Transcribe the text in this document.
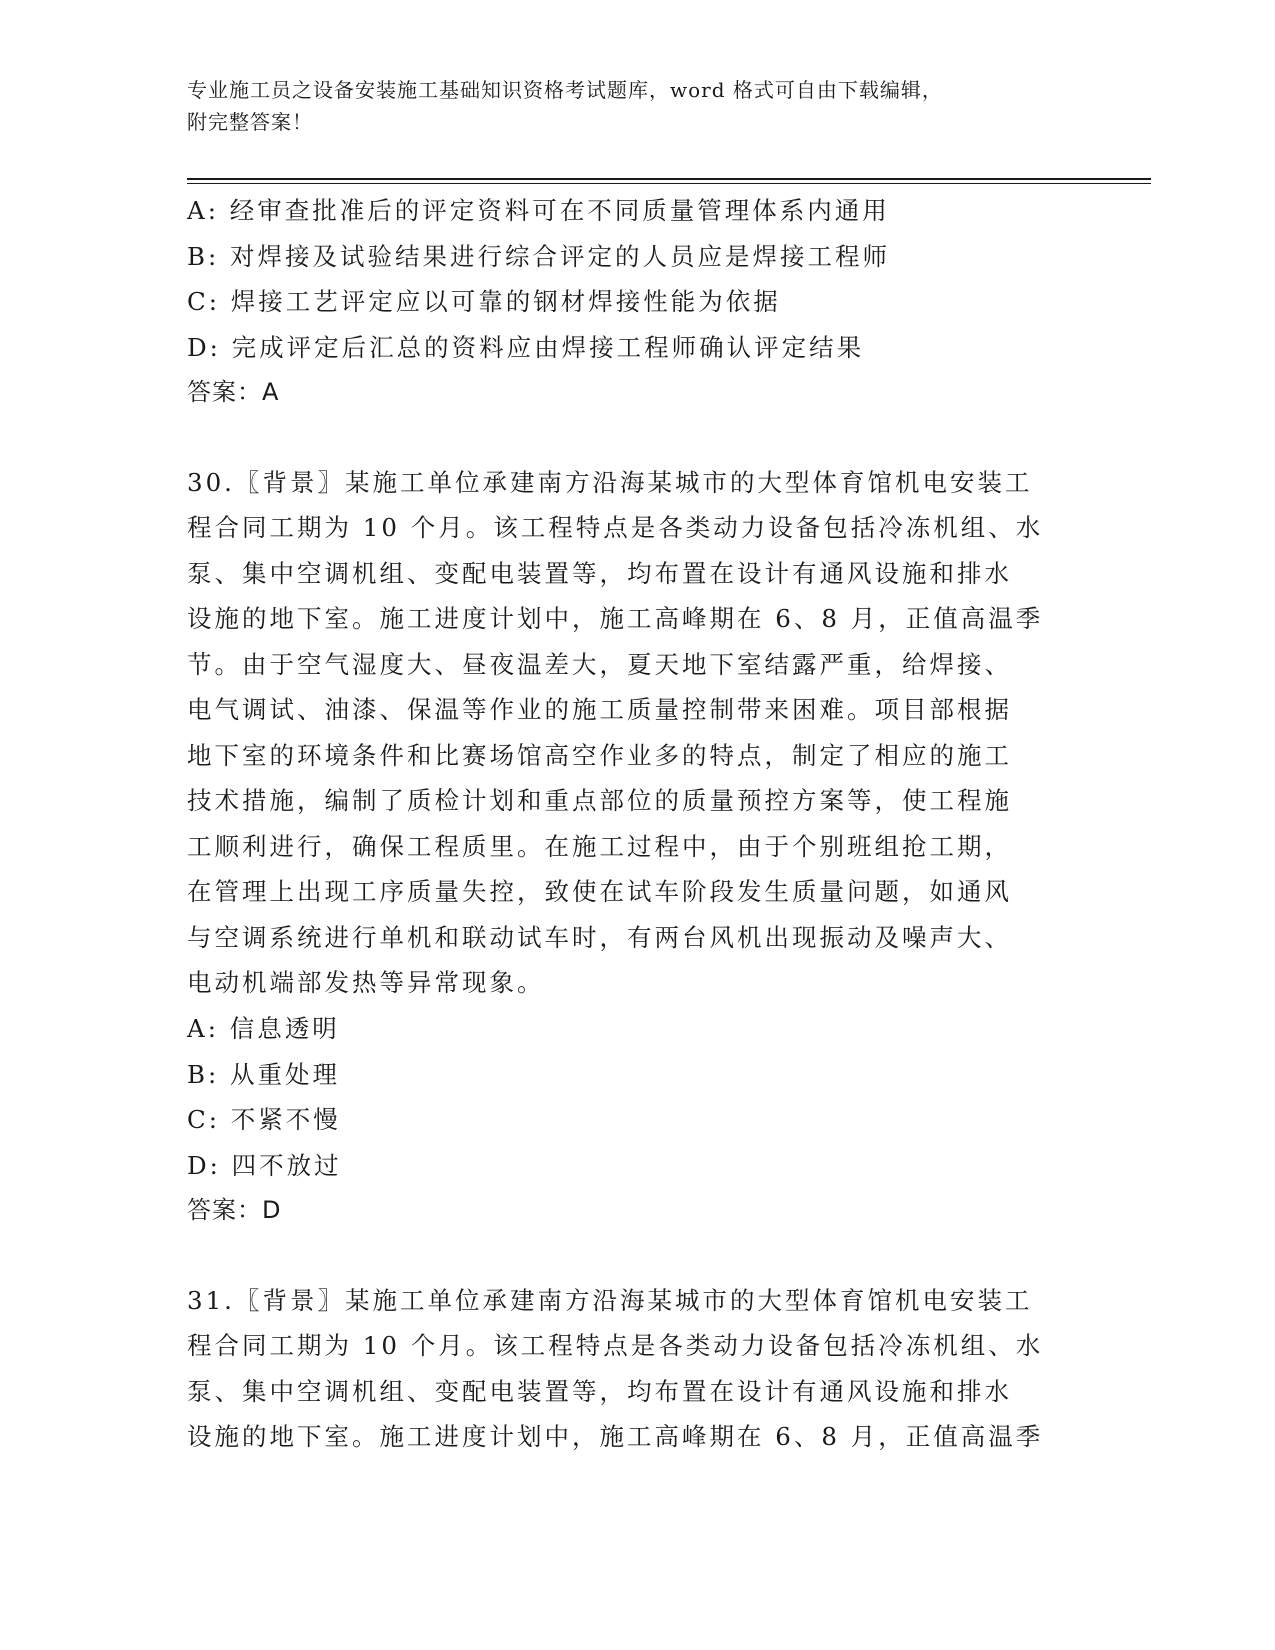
专业施工员之设备安装施工基础知识资格考试题库，word 格式可自由下载编辑，
附完整答案！
A: 经审查批准后的评定资料可在不同质量管理体系内通用
B: 对焊接及试验结果进行综合评定的人员应是焊接工程师
C: 焊接工艺评定应以可靠的钢材焊接性能为依据
D: 完成评定后汇总的资料应由焊接工程师确认评定结果
答案：A
30.〖背景〗某施工单位承建南方沿海某城市的大型体育馆机电安装工
程合同工期为 10 个月。该工程特点是各类动力设备包括冷冻机组、水
泵、集中空调机组、变配电装置等，均布置在设计有通风设施和排水
设施的地下室。施工进度计划中，施工高峰期在 6、8 月，正值高温季
节。由于空气湿度大、昼夜温差大，夏天地下室结露严重，给焊接、
电气调试、油漆、保温等作业的施工质量控制带来困难。项目部根据
地下室的环境条件和比赛场馆高空作业多的特点，制定了相应的施工
技术措施，编制了质检计划和重点部位的质量预控方案等，使工程施
工顺利进行，确保工程质里。在施工过程中，由于个别班组抢工期，
在管理上出现工序质量失控，致使在试车阶段发生质量问题，如通风
与空调系统进行单机和联动试车时，有两台风机出现振动及噪声大、
电动机端部发热等异常现象。
A: 信息透明
B: 从重处理
C: 不紧不慢
D: 四不放过
答案：D
31.〖背景〗某施工单位承建南方沿海某城市的大型体育馆机电安装工
程合同工期为 10 个月。该工程特点是各类动力设备包括冷冻机组、水
泵、集中空调机组、变配电装置等，均布置在设计有通风设施和排水
设施的地下室。施工进度计划中，施工高峰期在 6、8 月，正值高温季
